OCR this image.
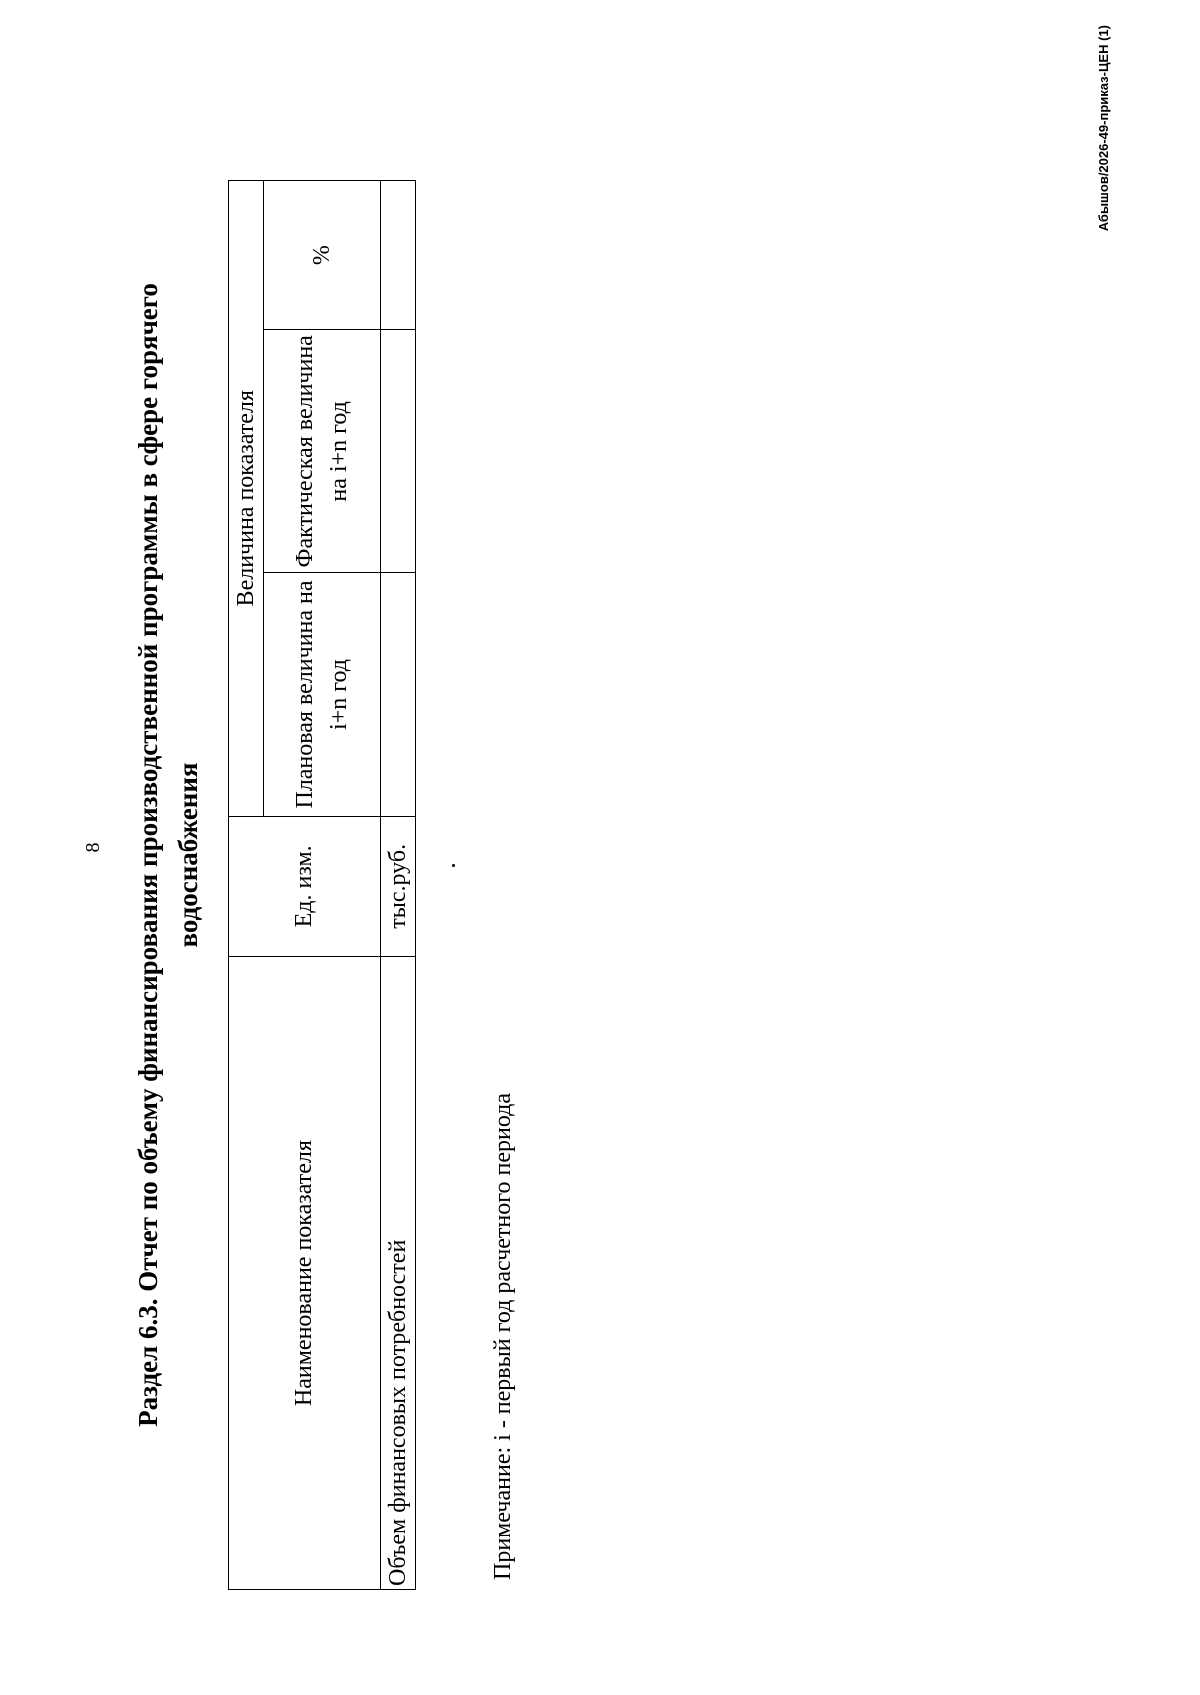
8 Раздел 6.3. Отчет по объему финансирования производственной программы в сфере горячего водоснабжения
Наименование показателя	Ед. изм.	Величина показателя		
		Плановая величина на i+n год	Фактическая величина на i+n год	%
Объем финансовых потребностей	тыс.руб.			
Примечание: i - первый год расчетного периода
Абышов/2026-49-приказ-ЦЕН (1)
